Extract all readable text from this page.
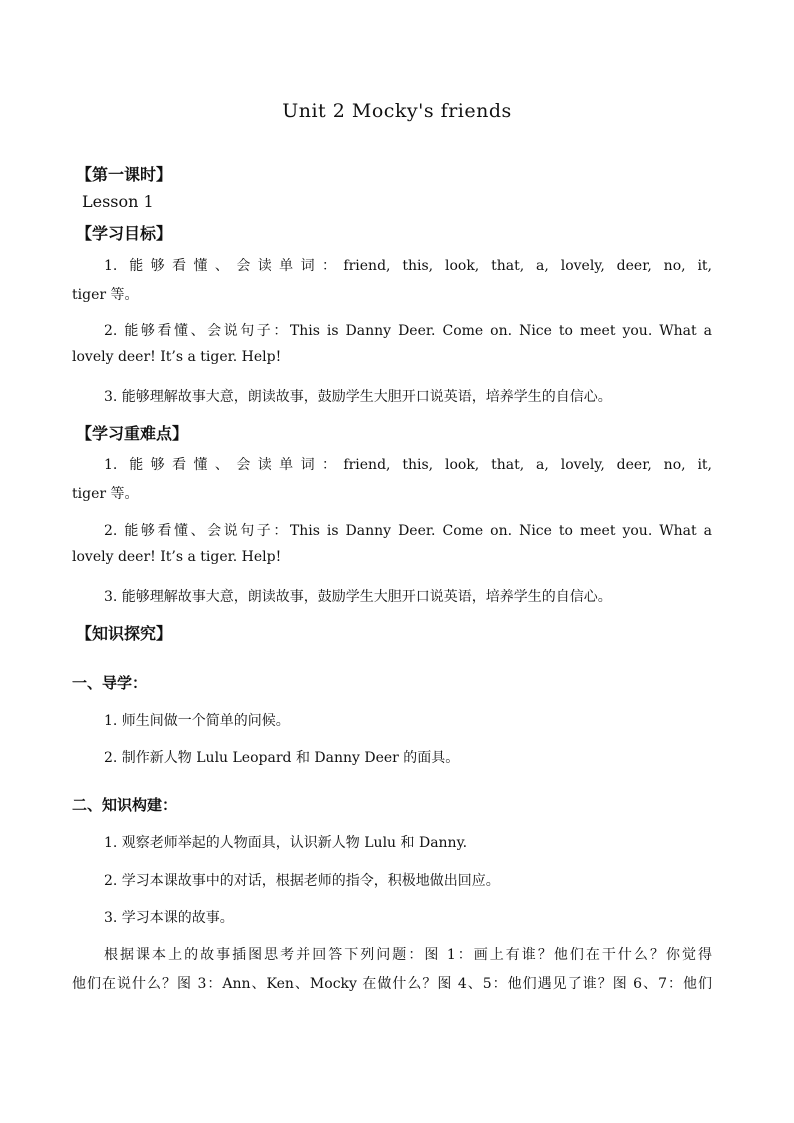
Unit 2 Mocky's friends
【第一课时】
Lesson 1
【学习目标】
1. 能够看懂、会读单词：friend, this, look, that, a, lovely, deer, no, it,
tiger 等。
2. 能够看懂、会说句子：This is Danny Deer. Come on. Nice to meet you. What a
lovely deer! It’s a tiger. Help!
3. 能够理解故事大意，朗读故事，鼓励学生大胆开口说英语，培养学生的自信心。
【学习重难点】
1. 能够看懂、会读单词：friend, this, look, that, a, lovely, deer, no, it,
tiger 等。
2. 能够看懂、会说句子：This is Danny Deer. Come on. Nice to meet you. What a
lovely deer! It’s a tiger. Help!
3. 能够理解故事大意，朗读故事，鼓励学生大胆开口说英语，培养学生的自信心。
【知识探究】
一、导学：
1. 师生间做一个简单的问候。
2. 制作新人物 Lulu Leopard 和 Danny Deer 的面具。
二、知识构建：
1. 观察老师举起的人物面具，认识新人物 Lulu 和 Danny.
2. 学习本课故事中的对话，根据老师的指令，积极地做出回应。
3. 学习本课的故事。
根据课本上的故事插图思考并回答下列问题：图 1：画上有谁？他们在干什么？你觉得
他们在说什么？图 3：Ann、Ken、Mocky 在做什么？图 4、5：他们遇见了谁？图 6、7：他们
